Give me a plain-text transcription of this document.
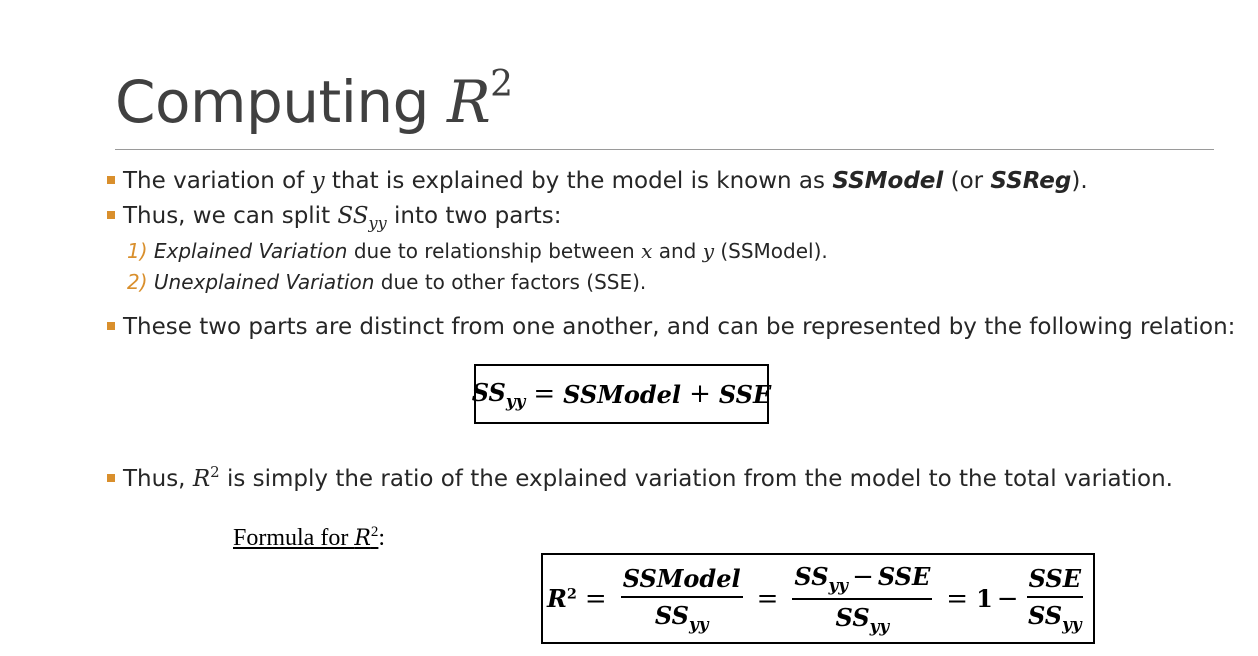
Computing $R^2$
The variation of y that is explained by the model is known as SSModel (or SSReg).
Thus, we can split $SS_{yy}$ into two parts:
1) Explained Variation due to relationship between x and y (SSModel).
2) Unexplained Variation due to other factors (SSE).
These two parts are distinct from one another, and can be represented by the following relation:
$SS_{yy}$ = SSModel + SSE
Thus, $R^2$ is simply the ratio of the explained variation from the model to the total variation.
Formula for $R^2$:
$R^2 = \frac{\text{SSModel}}{SS_{yy}} = \frac{SS_{yy} - SSE}{SS_{yy}} = 1 - \frac{\text{SSE}}{SS_{yy}}$
